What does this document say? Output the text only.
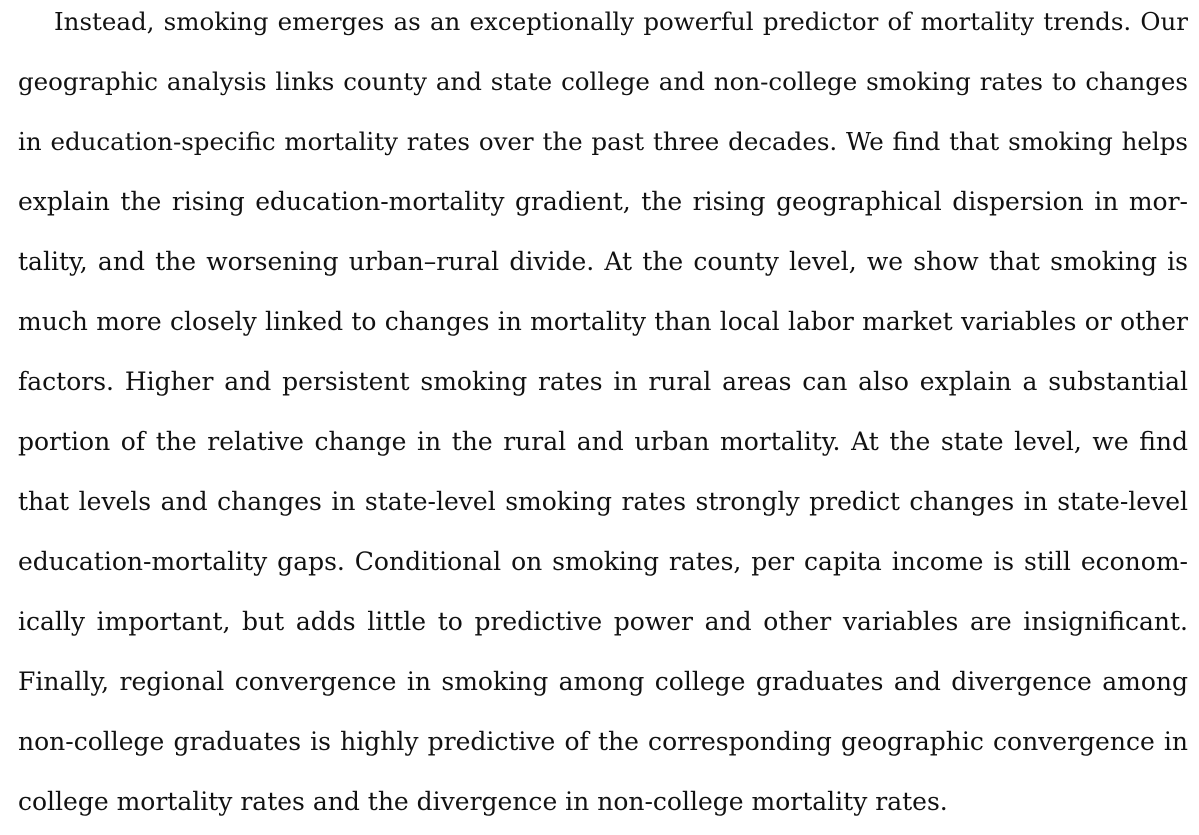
Instead, smoking emerges as an exceptionally powerful predictor of mortality trends. Our
geographic analysis links county and state college and non-college smoking rates to changes
in education-specific mortality rates over the past three decades. We find that smoking helps
explain the rising education-mortality gradient, the rising geographical dispersion in mor-
tality, and the worsening urban–rural divide. At the county level, we show that smoking is
much more closely linked to changes in mortality than local labor market variables or other
factors. Higher and persistent smoking rates in rural areas can also explain a substantial
portion of the relative change in the rural and urban mortality. At the state level, we find
that levels and changes in state-level smoking rates strongly predict changes in state-level
education-mortality gaps. Conditional on smoking rates, per capita income is still econom-
ically important, but adds little to predictive power and other variables are insignificant.
Finally, regional convergence in smoking among college graduates and divergence among
non-college graduates is highly predictive of the corresponding geographic convergence in
college mortality rates and the divergence in non-college mortality rates.
